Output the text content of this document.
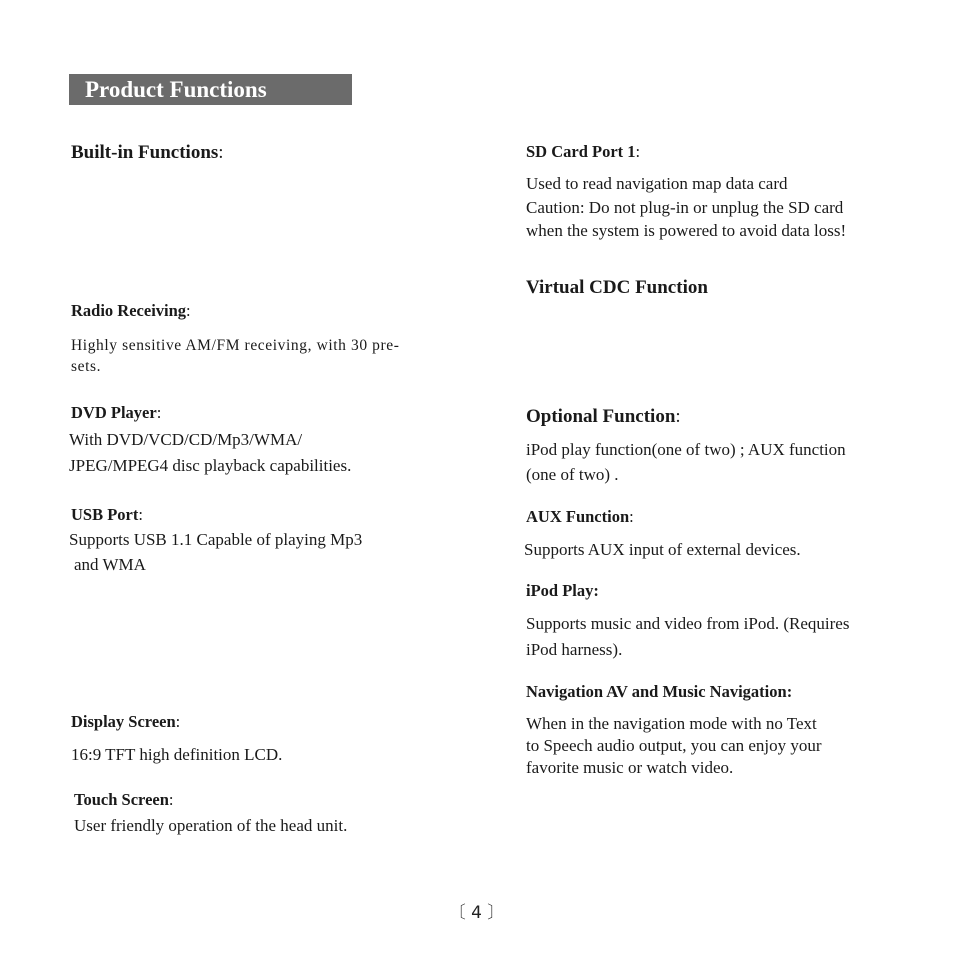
Product Functions
Built-in Functions:
Radio Receiving:
Highly sensitive AM/FM receiving, with 30 pre-sets.
DVD Player:
With DVD/VCD/CD/Mp3/WMA/
JPEG/MPEG4 disc playback capabilities.
USB Port:
Supports USB 1.1 Capable of playing Mp3
and WMA
Display Screen:
16:9 TFT high definition LCD.
Touch Screen:
User friendly operation of the head unit.
SD Card Port 1:
Used to read navigation map data card
Caution: Do not plug-in or unplug the SD card
when the system is powered to avoid data loss!
Virtual CDC Function
Optional Function:
iPod play function(one of two) ; AUX function
(one of two) .
AUX Function:
Supports AUX input of external devices.
iPod Play:
Supports music and video from iPod. (Requires
iPod harness).
Navigation AV and Music Navigation:
When in the navigation mode with no Text
to Speech audio output, you can enjoy your
favorite music or watch video.
〔 4 〕
